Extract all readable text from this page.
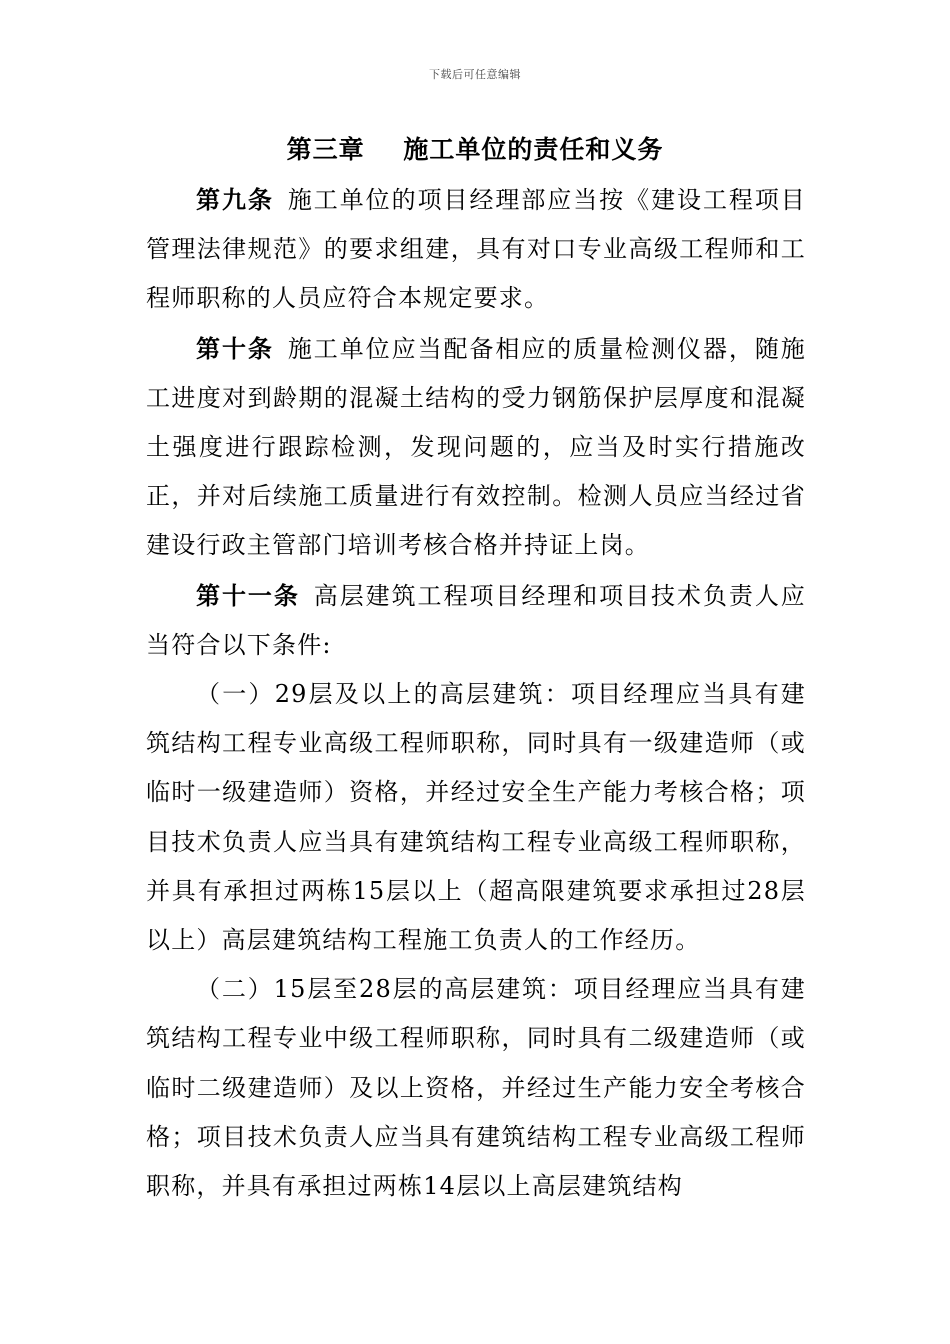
下载后可任意编辑
第三章    施工单位的责任和义务

第九条 施工单位的项目经理部应当按《建设工程项目管理法律规范》的要求组建，具有对口专业高级工程师和工程师职称的人员应符合本规定要求。

第十条 施工单位应当配备相应的质量检测仪器，随施工进度对到龄期的混凝土结构的受力钢筋保护层厚度和混凝土强度进行跟踪检测，发现问题的，应当及时实行措施改正，并对后续施工质量进行有效控制。检测人员应当经过省建设行政主管部门培训考核合格并持证上岗。

第十一条 高层建筑工程项目经理和项目技术负责人应当符合以下条件:

（一）29层及以上的高层建筑：项目经理应当具有建筑结构工程专业高级工程师职称，同时具有一级建造师（或临时一级建造师）资格，并经过安全生产能力考核合格；项目技术负责人应当具有建筑结构工程专业高级工程师职称，并具有承担过两栋15层以上（超高限建筑要求承担过28层以上）高层建筑结构工程施工负责人的工作经历。

（二）15层至28层的高层建筑：项目经理应当具有建筑结构工程专业中级工程师职称，同时具有二级建造师（或临时二级建造师）及以上资格，并经过生产能力安全考核合格；项目技术负责人应当具有建筑结构工程专业高级工程师职称，并具有承担过两栋14层以上高层建筑结构
